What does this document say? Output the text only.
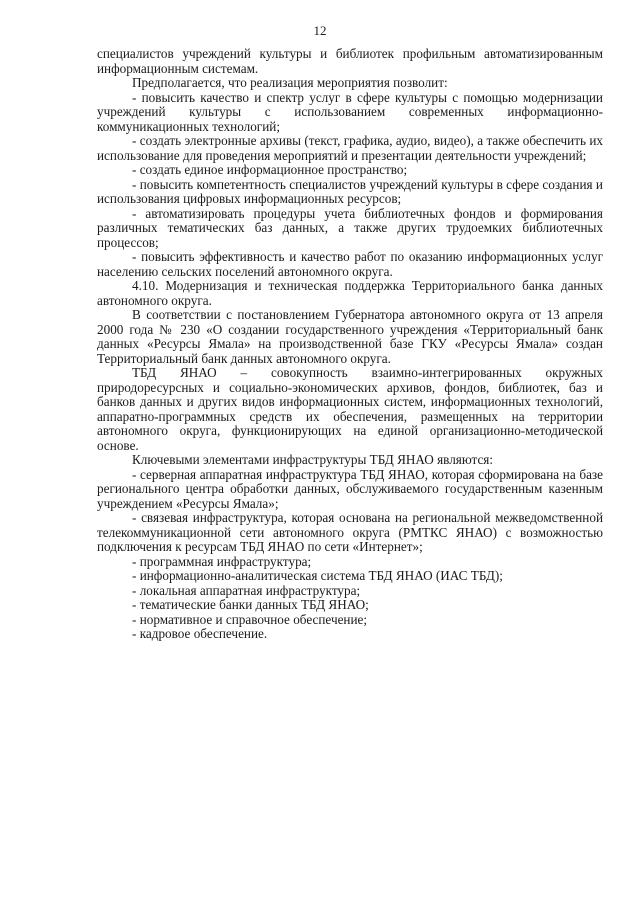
12

специалистов учреждений культуры и библиотек профильным автоматизированным информационным системам.

Предполагается, что реализация мероприятия позволит:

- повысить качество и спектр услуг в сфере культуры с помощью модернизации учреждений культуры с использованием современных информационно-коммуникационных технологий;

- создать электронные архивы (текст, графика, аудио, видео), а также обеспечить их использование для проведения мероприятий и презентации деятельности учреждений;

- создать единое информационное пространство;

- повысить компетентность специалистов учреждений культуры в сфере создания и использования цифровых информационных ресурсов;

- автоматизировать процедуры учета библиотечных фондов и формирования различных тематических баз данных, а также других трудоемких библиотечных процессов;

- повысить эффективность и качество работ по оказанию информационных услуг населению сельских поселений автономного округа.

4.10. Модернизация и техническая поддержка Территориального банка данных автономного округа.

В соответствии с постановлением Губернатора автономного округа от 13 апреля 2000 года № 230 «О создании государственного учреждения «Территориальный банк данных «Ресурсы Ямала» на производственной базе ГКУ «Ресурсы Ямала» создан Территориальный банк данных автономного округа.

ТБД ЯНАО – совокупность взаимно-интегрированных окружных природоресурсных и социально-экономических архивов, фондов, библиотек, баз и банков данных и других видов информационных систем, информационных технологий, аппаратно-программных средств их обеспечения, размещенных на территории автономного округа, функционирующих на единой организационно-методической основе.

Ключевыми элементами инфраструктуры ТБД ЯНАО являются:

- серверная аппаратная инфраструктура ТБД ЯНАО, которая сформирована на базе регионального центра обработки данных, обслуживаемого государственным казенным учреждением «Ресурсы Ямала»;

- связевая инфраструктура, которая основана на региональной межведомственной телекоммуникационной сети автономного округа (РМТКС ЯНАО) с возможностью подключения к ресурсам ТБД ЯНАО по сети «Интернет»;

- программная инфраструктура;

- информационно-аналитическая система ТБД ЯНАО (ИАС ТБД);

- локальная аппаратная инфраструктура;

- тематические банки данных ТБД ЯНАО;

- нормативное и справочное обеспечение;

- кадровое обеспечение.
